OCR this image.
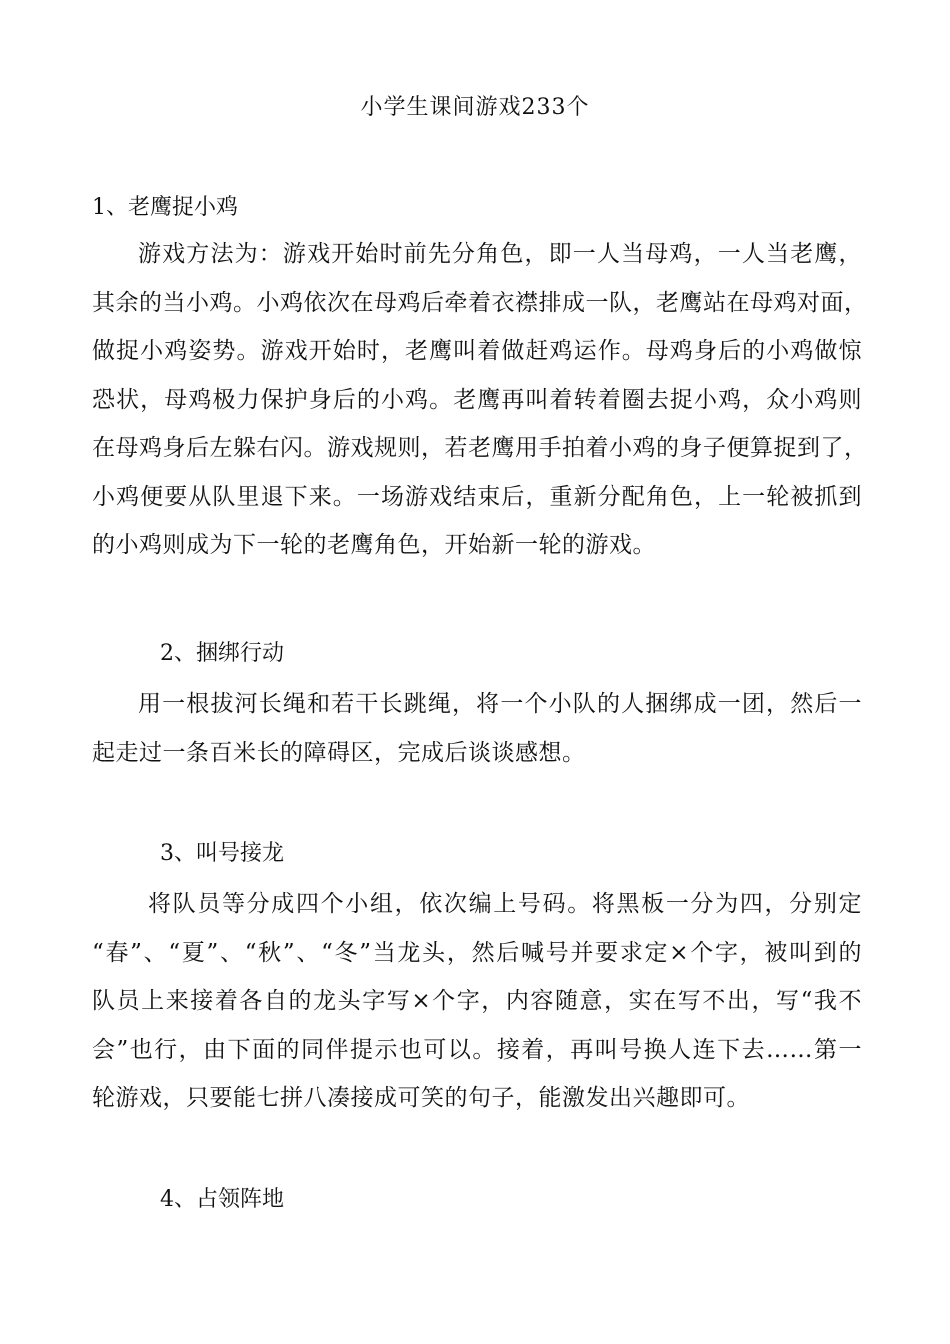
小学生课间游戏233个
1、老鹰捉小鸡
游戏方法为：游戏开始时前先分角色，即一人当母鸡，一人当老鹰，
其余的当小鸡。小鸡依次在母鸡后牵着衣襟排成一队，老鹰站在母鸡对面，
做捉小鸡姿势。游戏开始时，老鹰叫着做赶鸡运作。母鸡身后的小鸡做惊
恐状，母鸡极力保护身后的小鸡。老鹰再叫着转着圈去捉小鸡，众小鸡则
在母鸡身后左躲右闪。游戏规则，若老鹰用手拍着小鸡的身子便算捉到了，
小鸡便要从队里退下来。一场游戏结束后，重新分配角色，上一轮被抓到
的小鸡则成为下一轮的老鹰角色，开始新一轮的游戏。
2、捆绑行动
用一根拔河长绳和若干长跳绳，将一个小队的人捆绑成一团，然后一
起走过一条百米长的障碍区，完成后谈谈感想。
3、叫号接龙
将队员等分成四个小组，依次编上号码。将黑板一分为四，分别定
“春”、“夏”、“秋”、“冬”当龙头，然后喊号并要求定×个字，被叫到的
队员上来接着各自的龙头字写×个字，内容随意，实在写不出，写“我不
会”也行，由下面的同伴提示也可以。接着，再叫号换人连下去……第一
轮游戏，只要能七拼八凑接成可笑的句子，能激发出兴趣即可。
4、占领阵地
